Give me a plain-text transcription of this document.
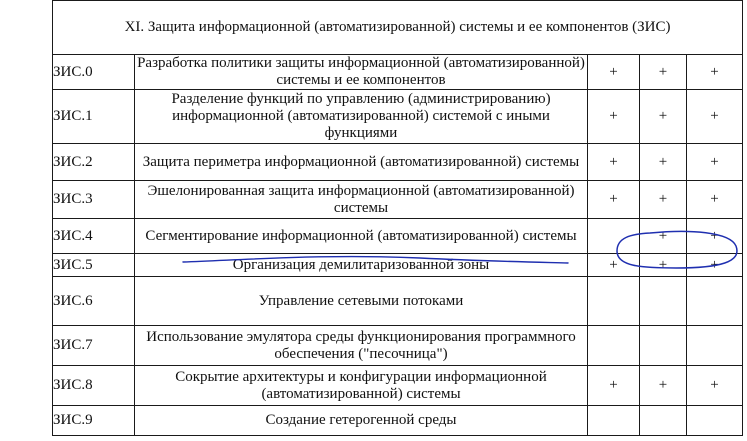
XI. Защита информационной (автоматизированной) системы и ее компонентов (ЗИС)				
ЗИС.0	Разработка политики защиты информационной (автоматизированной) системы и ее компонентов	+	+	+
ЗИС.1	Разделение функций по управлению (администрированию) информационной (автоматизированной) системой с иными функциями	+	+	+
ЗИС.2	Защита периметра информационной (автоматизированной) системы	+	+	+
ЗИС.3	Эшелонированная защита информационной (автоматизированной) системы	+	+	+
ЗИС.4	Сегментирование информационной (автоматизированной) системы		+	+
ЗИС.5	Организация демилитаризованной зоны	+	+	+
ЗИС.6	Управление сетевыми потоками			
ЗИС.7	Использование эмулятора среды функционирования программного обеспечения ("песочница")			
ЗИС.8	Сокрытие архитектуры и конфигурации информационной (автоматизированной) системы	+	+	+
ЗИС.9	Создание гетерогенной среды			
